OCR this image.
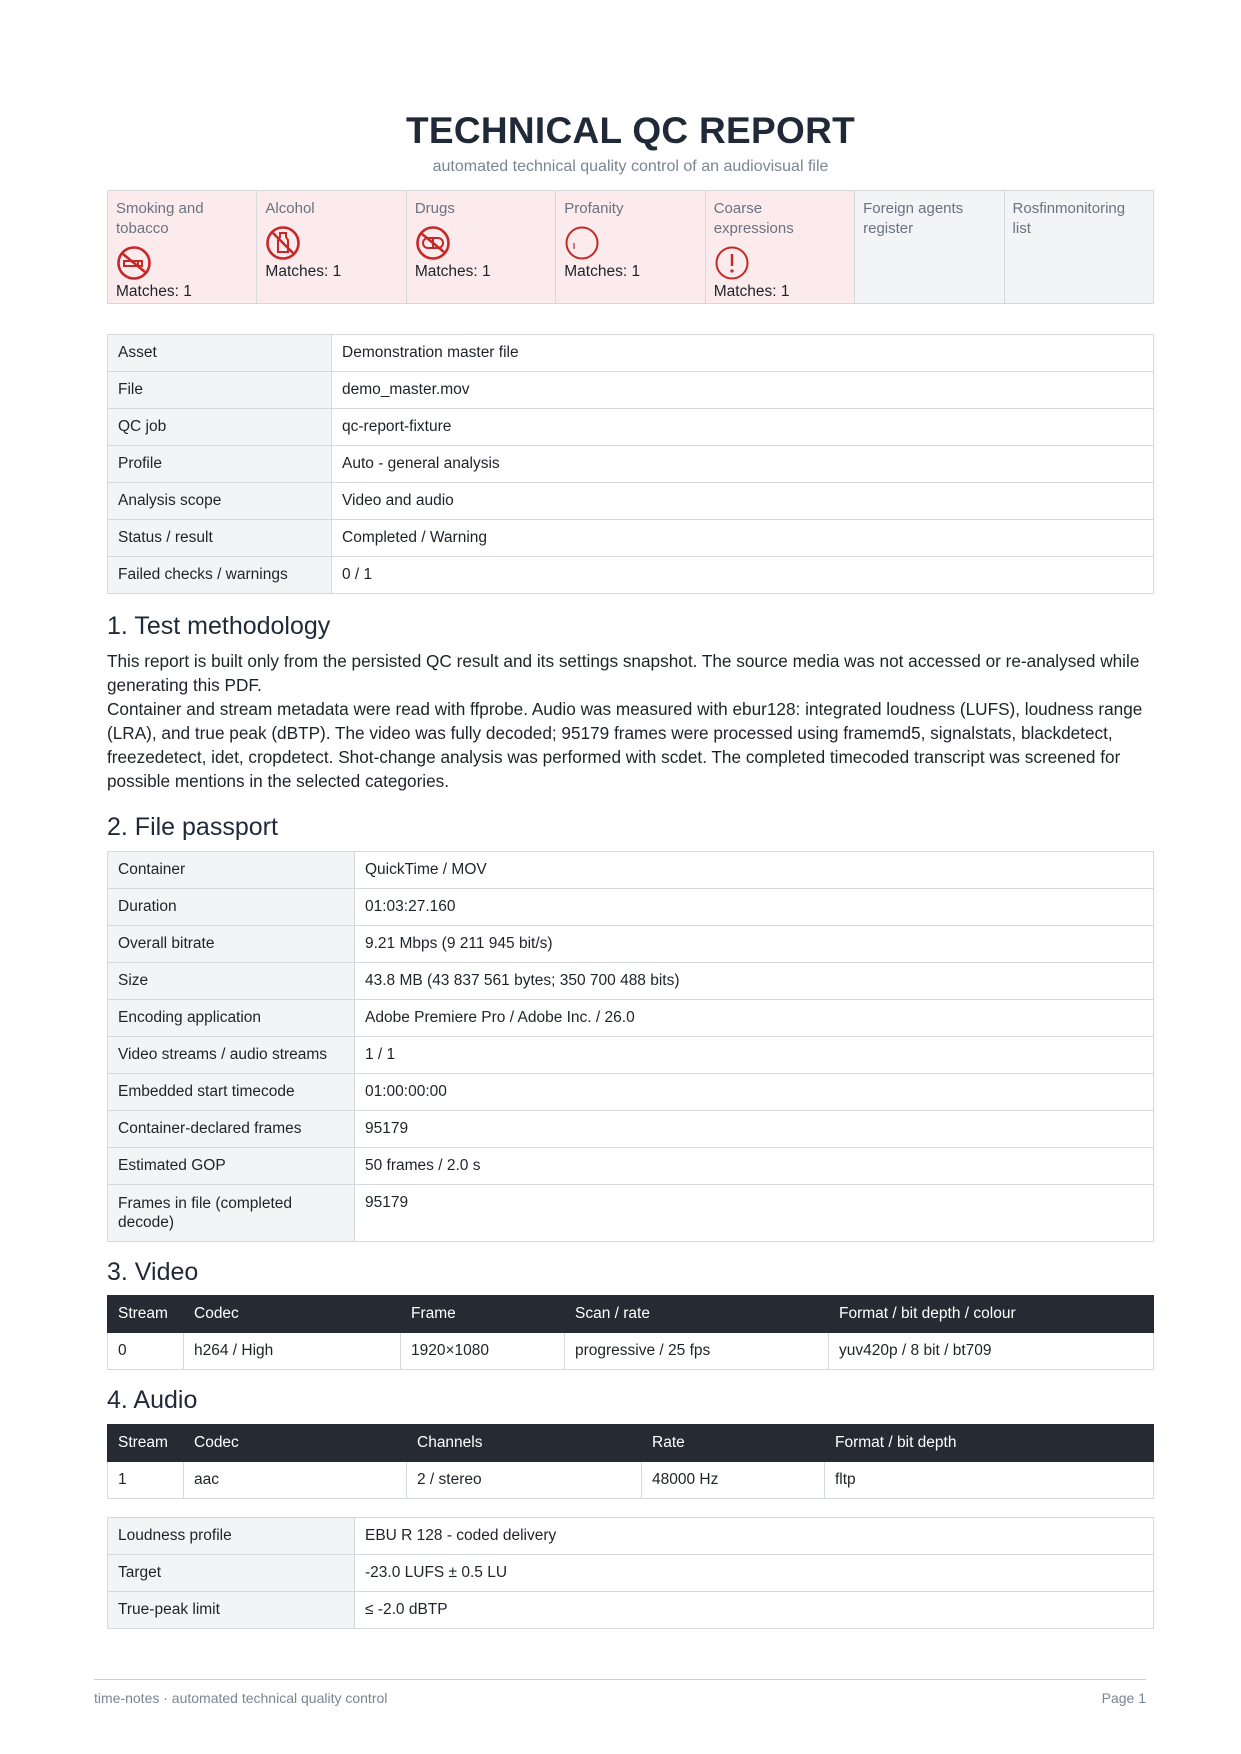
TECHNICAL QC REPORT
automated technical quality control of an audiovisual file
Smoking and tobacco
Matches: 1
Alcohol
Matches: 1
Drugs
Matches: 1
Profanity
Matches: 1
Coarse expressions
Matches: 1
Foreign agents register
Rosfinmonitoring list
Asset	Demonstration master file
File	demo_master.mov
QC job	qc-report-fixture
Profile	Auto - general analysis
Analysis scope	Video and audio
Status / result	Completed / Warning
Failed checks / warnings	0 / 1
1. Test methodology

This report is built only from the persisted QC result and its settings snapshot. The source media was not accessed or re-analysed while generating this PDF.

Container and stream metadata were read with ffprobe. Audio was measured with ebur128: integrated loudness (LUFS), loudness range (LRA), and true peak (dBTP). The video was fully decoded; 95179 frames were processed using framemd5, signalstats, blackdetect, freezedetect, idet, cropdetect. Shot-change analysis was performed with scdet. The completed timecoded transcript was screened for possible mentions in the selected categories.

2. File passport
Container	QuickTime / MOV
Duration	01:03:27.160
Overall bitrate	9.21 Mbps (9 211 945 bit/s)
Size	43.8 MB (43 837 561 bytes; 350 700 488 bits)
Encoding application	Adobe Premiere Pro / Adobe Inc. / 26.0
Video streams / audio streams	1 / 1
Embedded start timecode	01:00:00:00
Container-declared frames	95179
Estimated GOP	50 frames / 2.0 s
Frames in file (completed decode)	95179
3. Video
Stream	Codec	Frame	Scan / rate	Format / bit depth / colour
0	h264 / High	1920×1080	progressive / 25 fps	yuv420p / 8 bit / bt709
4. Audio
Stream	Codec	Channels	Rate	Format / bit depth
1	aac	2 / stereo	48000 Hz	fltp
Loudness profile	EBU R 128 - coded delivery
Target	-23.0 LUFS ± 0.5 LU
True-peak limit	≤ -2.0 dBTP
time-notes · automated technical quality control	Page 1
